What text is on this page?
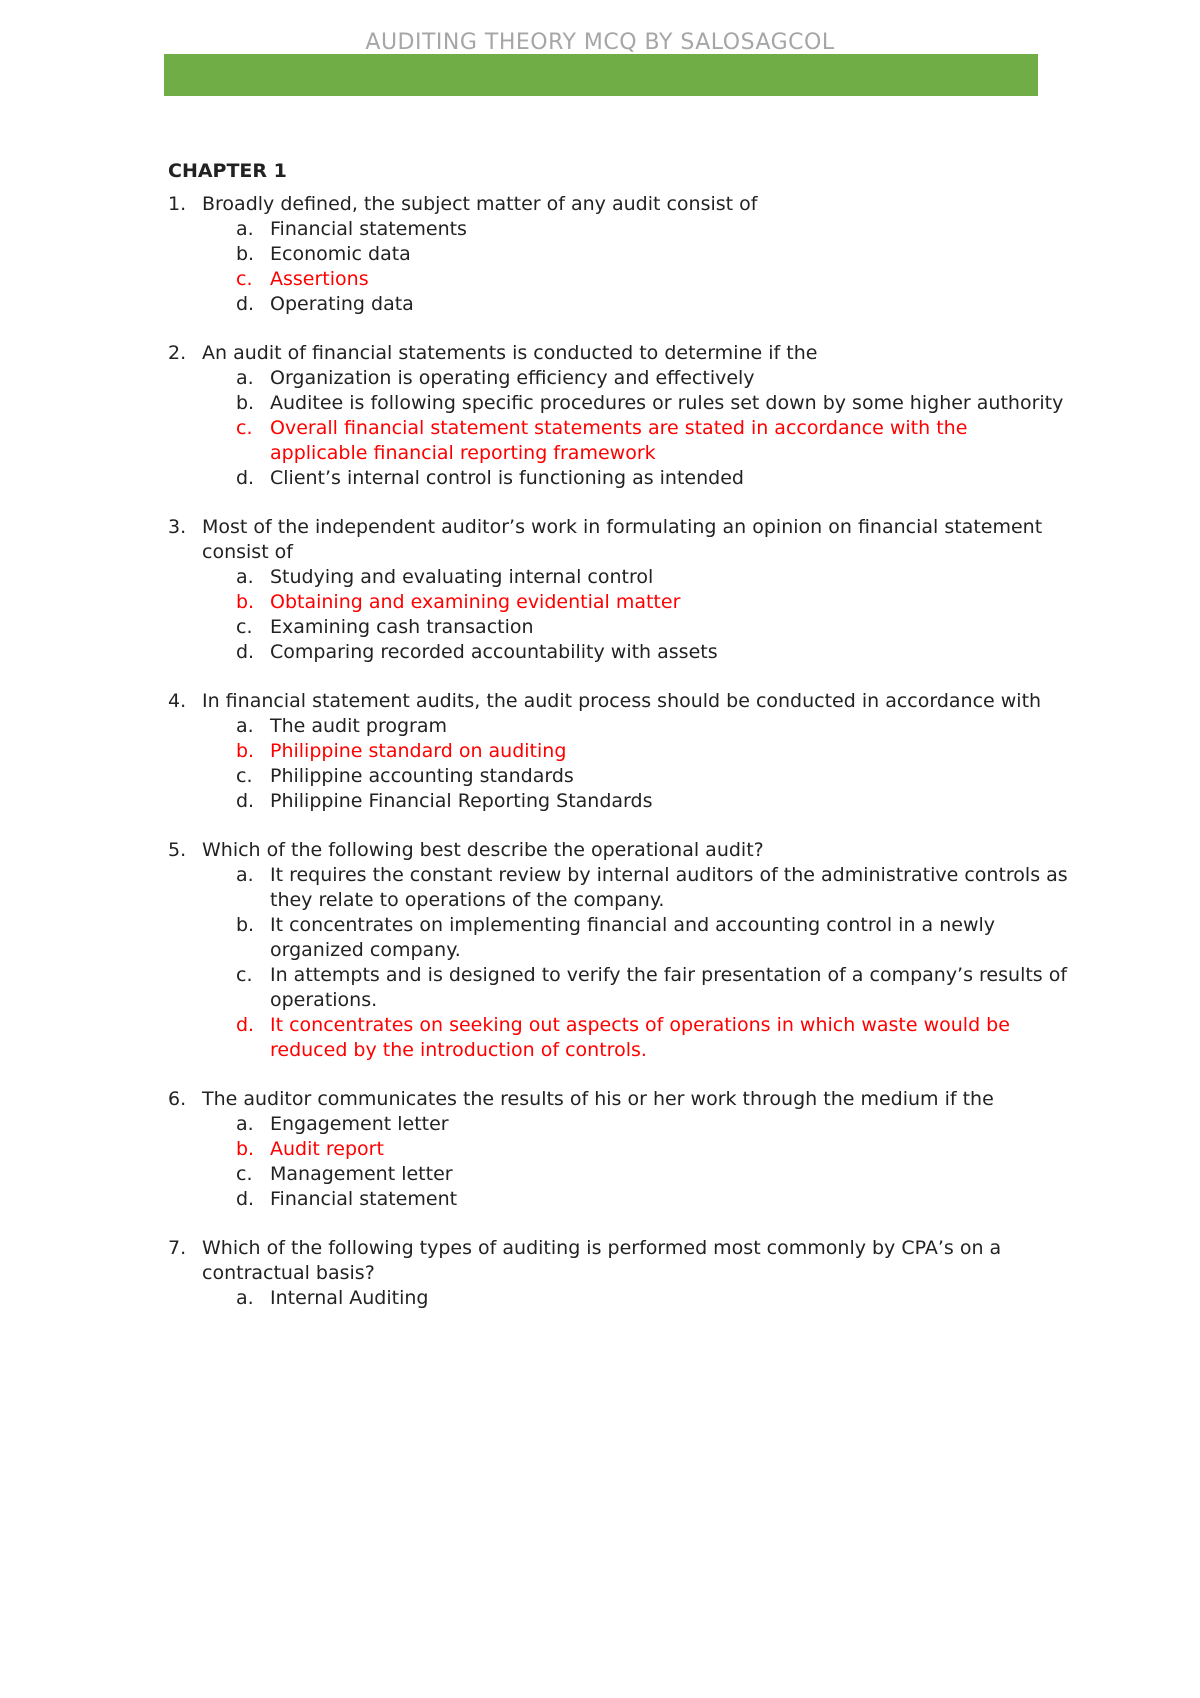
AUDITING THEORY MCQ BY SALOSAGCOL
CHAPTER 1
1. Broadly defined, the subject matter of any audit consist of
a. Financial statements
b. Economic data
c. Assertions
d. Operating data
2. An audit of financial statements is conducted to determine if the
a. Organization is operating efficiency and effectively
b. Auditee is following specific procedures or rules set down by some higher authority
c. Overall financial statement statements are stated in accordance with the applicable financial reporting framework
d. Client’s internal control is functioning as intended
3. Most of the independent auditor’s work in formulating an opinion on financial statement consist of
a. Studying and evaluating internal control
b. Obtaining and examining evidential matter
c. Examining cash transaction
d. Comparing recorded accountability with assets
4. In financial statement audits, the audit process should be conducted in accordance with
a. The audit program
b. Philippine standard on auditing
c. Philippine accounting standards
d. Philippine Financial Reporting Standards
5. Which of the following best describe the operational audit?
a. It requires the constant review by internal auditors of the administrative controls as they relate to operations of the company.
b. It concentrates on implementing financial and accounting control in a newly organized company.
c. In attempts and is designed to verify the fair presentation of a company’s results of operations.
d. It concentrates on seeking out aspects of operations in which waste would be reduced by the introduction of controls.
6. The auditor communicates the results of his or her work through the medium if the
a. Engagement letter
b. Audit report
c. Management letter
d. Financial statement
7. Which of the following types of auditing is performed most commonly by CPA’s on a contractual basis?
a. Internal Auditing
